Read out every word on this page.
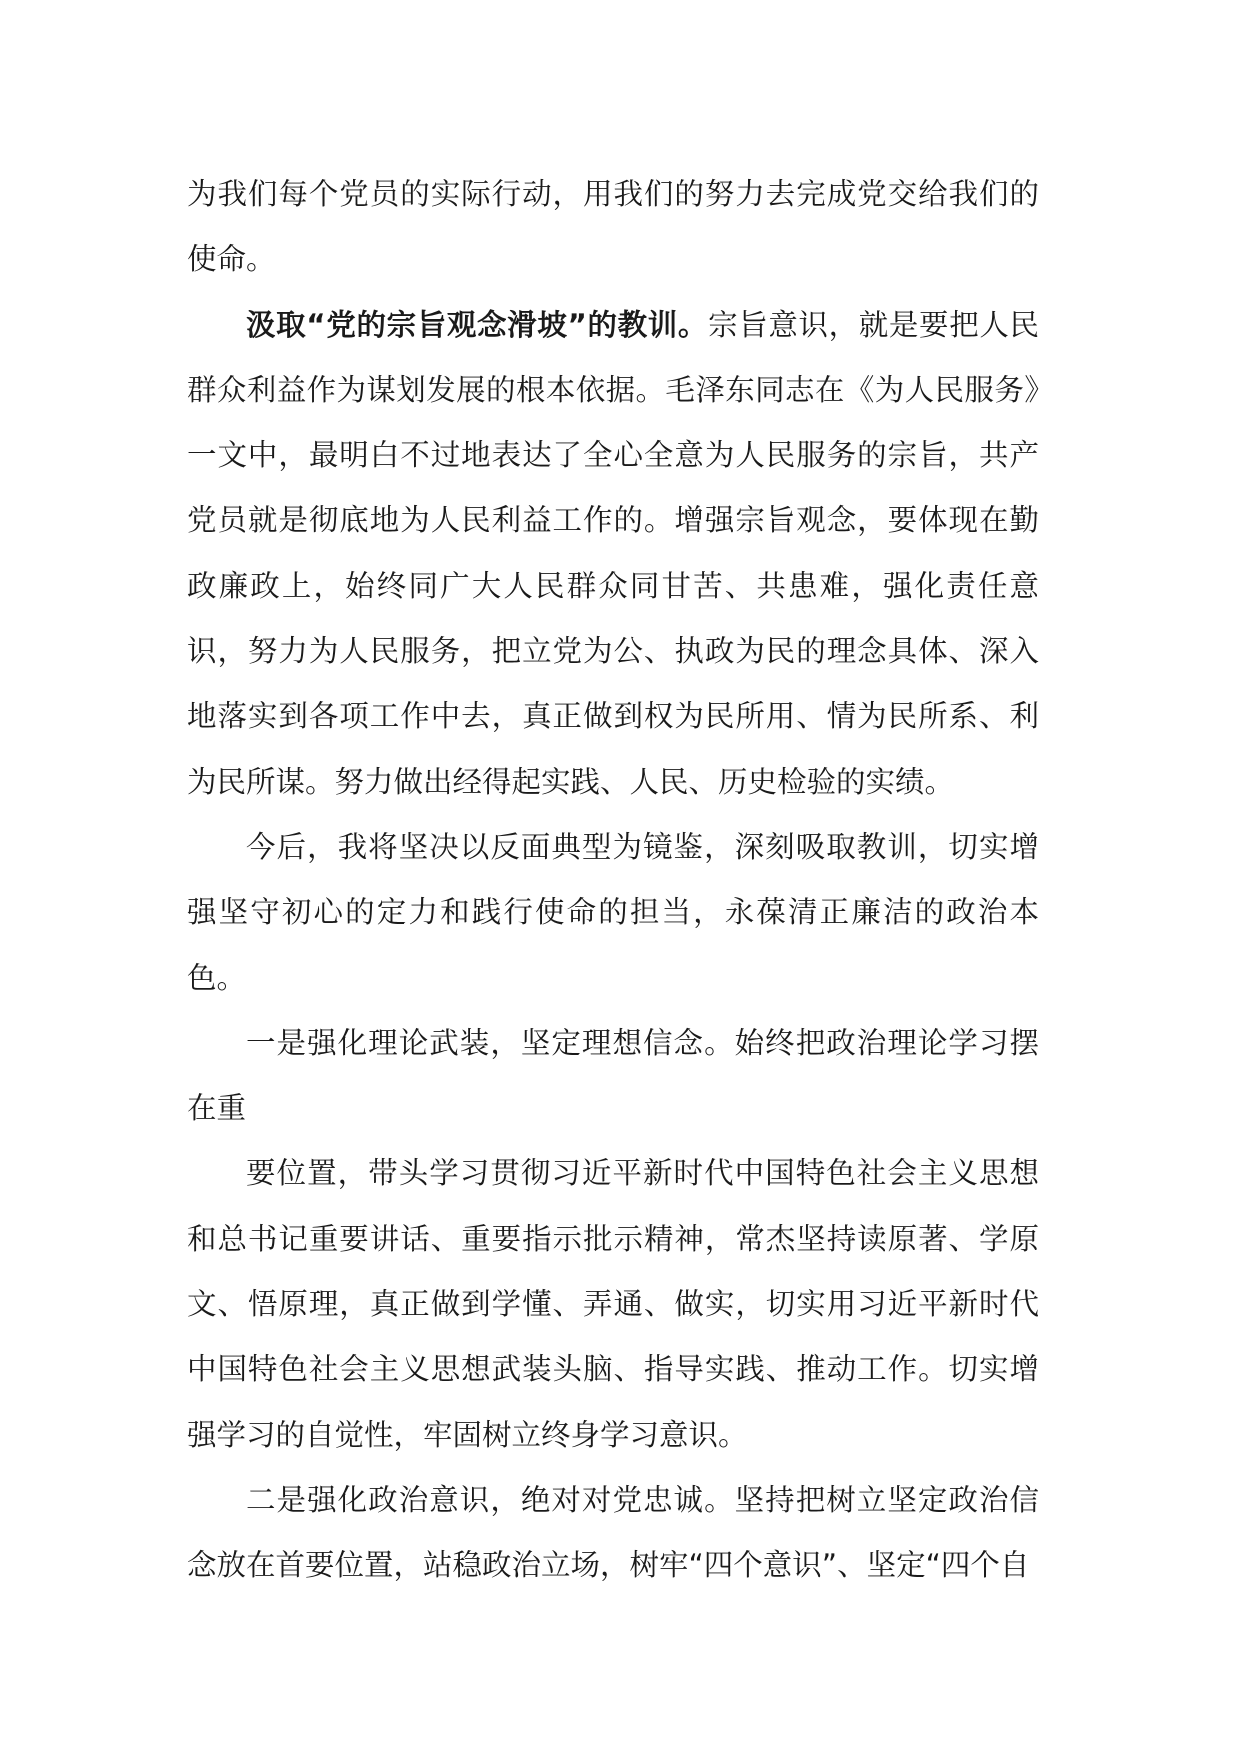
为我们每个党员的实际行动，用我们的努力去完成党交给我们的使命。

汲取“党的宗旨观念滑坡”的教训。宗旨意识，就是要把人民群众利益作为谋划发展的根本依据。毛泽东同志在《为人民服务》一文中，最明白不过地表达了全心全意为人民服务的宗旨，共产党员就是彻底地为人民利益工作的。增强宗旨观念，要体现在勤政廉政上，始终同广大人民群众同甘苦、共患难，强化责任意识，努力为人民服务，把立党为公、执政为民的理念具体、深入地落实到各项工作中去，真正做到权为民所用、情为民所系、利为民所谋。努力做出经得起实践、人民、历史检验的实绩。

今后，我将坚决以反面典型为镜鉴，深刻吸取教训，切实增强坚守初心的定力和践行使命的担当，永葆清正廉洁的政治本色。

一是强化理论武装，坚定理想信念。始终把政治理论学习摆在重

要位置，带头学习贯彻习近平新时代中国特色社会主义思想和总书记重要讲话、重要指示批示精神，常杰坚持读原著、学原文、悟原理，真正做到学懂、弄通、做实，切实用习近平新时代中国特色社会主义思想武装头脑、指导实践、推动工作。切实增强学习的自觉性，牢固树立终身学习意识。

二是强化政治意识，绝对对党忠诚。坚持把树立坚定政治信念放在首要位置，站稳政治立场，树牢“四个意识”、坚定“四个自
